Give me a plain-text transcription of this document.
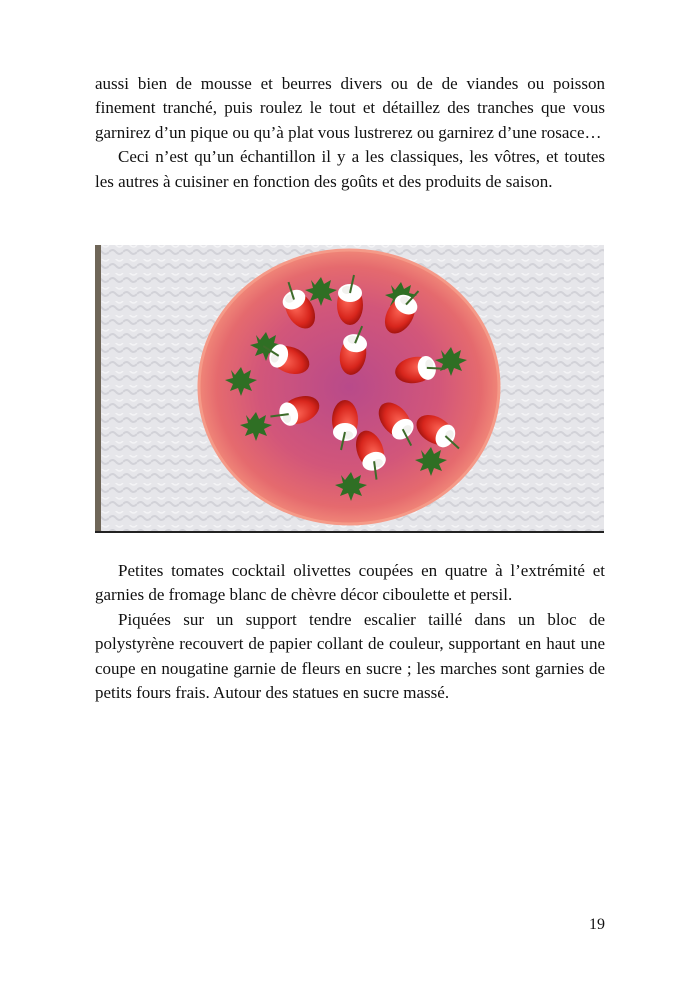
aussi bien de mousse et beurres divers ou de de viandes ou poisson finement tranché, puis roulez le tout et détaillez des tranches que vous garnirez d’un pique ou qu’à plat vous lustrerez ou garnirez d’une rosace…

Ceci n’est qu’un échantillon il y a les classiques, les vôtres, et toutes les autres à cuisiner en fonction des goûts et des produits de saison.

Petites tomates cocktail olivettes coupées en quatre à l’extrémité et garnies de fromage blanc de chèvre décor ciboulette et persil.

Piquées sur un support tendre escalier taillé dans un bloc de polystyrène recouvert de papier collant de couleur, supportant en haut une coupe en nougatine garnie de fleurs en sucre ; les marches sont garnies de petits fours frais. Autour des statues en sucre massé.

19
